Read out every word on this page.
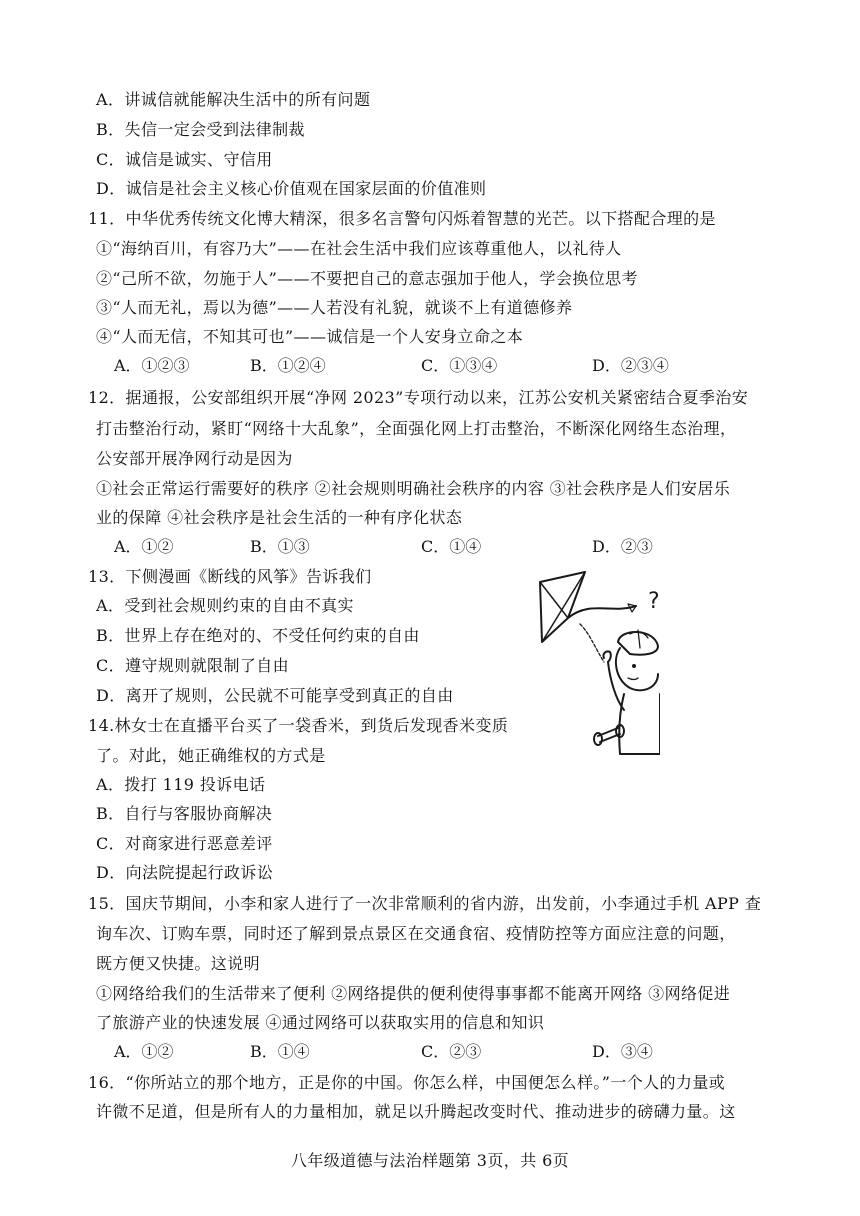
A．讲诚信就能解决生活中的所有问题
B．失信一定会受到法律制裁
C．诚信是诚实、守信用
D．诚信是社会主义核心价值观在国家层面的价值准则
11．中华优秀传统文化博大精深，很多名言警句闪烁着智慧的光芒。以下搭配合理的是
①“海纳百川，有容乃大”——在社会生活中我们应该尊重他人，以礼待人
②“己所不欲，勿施于人”——不要把自己的意志强加于他人，学会换位思考
③“人而无礼，焉以为德”——人若没有礼貌，就谈不上有道德修养
④“人而无信，不知其可也”——诚信是一个人安身立命之本
A．①②③	B．①②④	C．①③④	D．②③④
12．据通报，公安部组织开展“净网 2023”专项行动以来，江苏公安机关紧密结合夏季治安
打击整治行动，紧盯“网络十大乱象”，全面强化网上打击整治，不断深化网络生态治理，
公安部开展净网行动是因为
①社会正常运行需要好的秩序 ②社会规则明确社会秩序的内容 ③社会秩序是人们安居乐
业的保障 ④社会秩序是社会生活的一种有序化状态
A．①②	B．①③	C．①④	D．②③
13．下侧漫画《断线的风筝》告诉我们
A．受到社会规则约束的自由不真实
B．世界上存在绝对的、不受任何约束的自由
C．遵守规则就限制了自由
D．离开了规则，公民就不可能享受到真正的自由
14.林女士在直播平台买了一袋香米，到货后发现香米变质
了。对此，她正确维权的方式是
A．拨打 119 投诉电话
B．自行与客服协商解决
C．对商家进行恶意差评
D．向法院提起行政诉讼
15．国庆节期间，小李和家人进行了一次非常顺利的省内游，出发前，小李通过手机 APP 查
询车次、订购车票，同时还了解到景点景区在交通食宿、疫情防控等方面应注意的问题，
既方便又快捷。这说明
①网络给我们的生活带来了便利 ②网络提供的便利使得事事都不能离开网络 ③网络促进
了旅游产业的快速发展 ④通过网络可以获取实用的信息和知识
A．①②	B．①④	C．②③	D．③④
16．“你所站立的那个地方，正是你的中国。你怎么样，中国便怎么样。”一个人的力量或
许微不足道，但是所有人的力量相加，就足以升腾起改变时代、推动进步的磅礴力量。这
八年级道德与法治样题第 3页，共 6页
?
